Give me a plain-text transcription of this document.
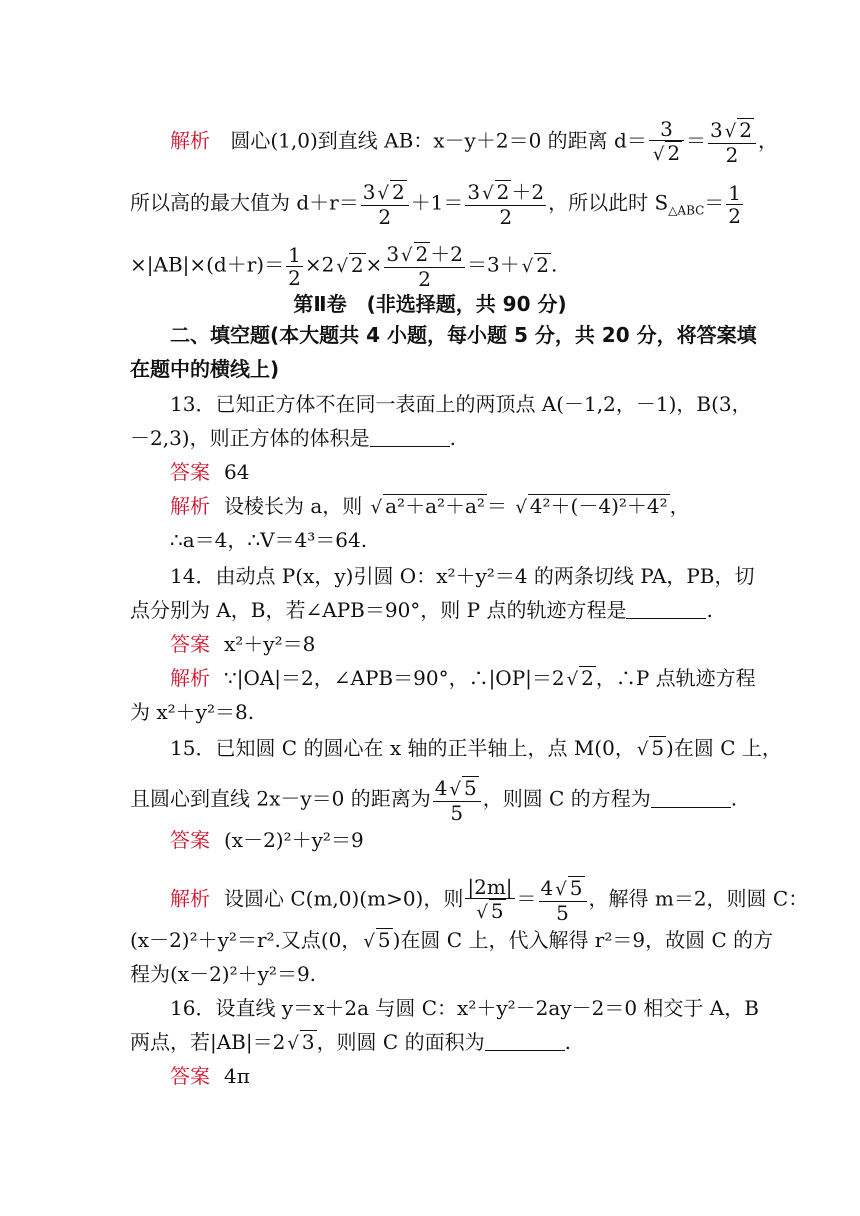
解析 圆心(1,0)到直线 AB：x－y＋2＝0 的距离 $d= \frac{3}{√ 2} = \frac{3 √ 2}{2}$ ，
所以高的最大值为 $d+r= \frac{3 √ 2}{2} +1= \frac{3 √ 2 +2}{2}$ ，所以此时 $S_{\triangle ABC}= \frac{1}{2}$
$\times|AB|\times(d+r)= \frac{1}{2} \times 2$ √ $2 \times \frac{3 √ 2 +2}{2} =3+$ √ 2 .
第Ⅱ卷　(非选择题，共 90 分)
二、填空题(本大题共 4 小题，每小题 5 分，共 20 分，将答案填
在题中的横线上)
13．已知正方体不在同一表面上的两顶点 A(－1,2，－1)，B(3，
－2,3)，则正方体的体积是	.
答案 64
解析 设棱长为 a，则 √ a²＋a²＋a² ＝ √ 4²＋(－4)²＋4² ，
∴a＝4，∴V＝4³＝64.
14．由动点 P(x，y)引圆 O：x²＋y²＝4 的两条切线 PA，PB，切
点分别为 A，B，若∠APB＝90°，则 P 点的轨迹方程是	.
答案 x²＋y²＝8
解析 ∵|OA|＝2，∠APB＝90°，∴|OP|＝2 √ 2 ，∴P 点轨迹方程
为 x²＋y²＝8.
15．已知圆 C 的圆心在 x 轴的正半轴上，点 M(0， √ 5 )在圆 C 上，
且圆心到直线 2x－y＝0 的距离为 $\frac{4 √ 5}{5}$ ，则圆 C 的方程为	.
答案 (x－2)²＋y²＝9
解析 设圆心 C(m,0)(m>0)，则 $\frac{|2m|}{√ 5} = \frac{4 √ 5}{5}$ ，解得 m＝2，则圆 C：
(x－2)²＋y²＝r².又点(0， √ 5 )在圆 C 上，代入解得 r²＝9，故圆 C 的方
程为(x－2)²＋y²＝9.
16．设直线 y＝x＋2a 与圆 C：x²＋y²－2ay－2＝0 相交于 A，B
两点，若|AB|＝2 √ 3 ，则圆 C 的面积为	.
答案 4π
